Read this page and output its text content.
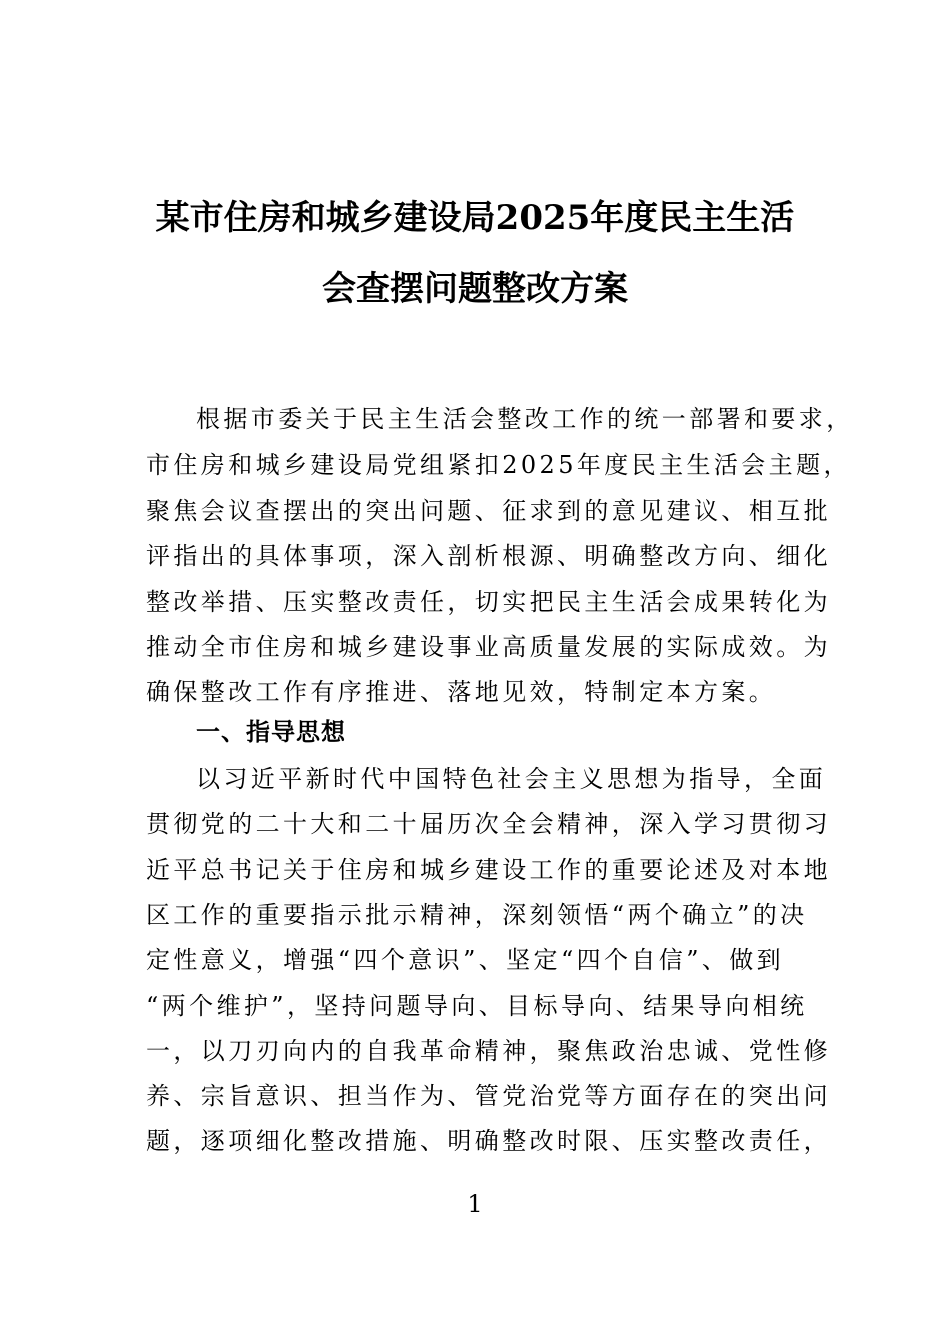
某市住房和城乡建设局2025年度民主生活
会查摆问题整改方案
根据市委关于民主生活会整改工作的统一部署和要求，
市住房和城乡建设局党组紧扣2025年度民主生活会主题，
聚焦会议查摆出的突出问题、征求到的意见建议、相互批
评指出的具体事项，深入剖析根源、明确整改方向、细化
整改举措、压实整改责任，切实把民主生活会成果转化为
推动全市住房和城乡建设事业高质量发展的实际成效。为
确保整改工作有序推进、落地见效，特制定本方案。
一、指导思想
以习近平新时代中国特色社会主义思想为指导，全面
贯彻党的二十大和二十届历次全会精神，深入学习贯彻习
近平总书记关于住房和城乡建设工作的重要论述及对本地
区工作的重要指示批示精神，深刻领悟“两个确立”的决
定性意义，增强“四个意识”、坚定“四个自信”、做到
“两个维护”，坚持问题导向、目标导向、结果导向相统
一，以刀刃向内的自我革命精神，聚焦政治忠诚、党性修
养、宗旨意识、担当作为、管党治党等方面存在的突出问
题，逐项细化整改措施、明确整改时限、压实整改责任，
1
